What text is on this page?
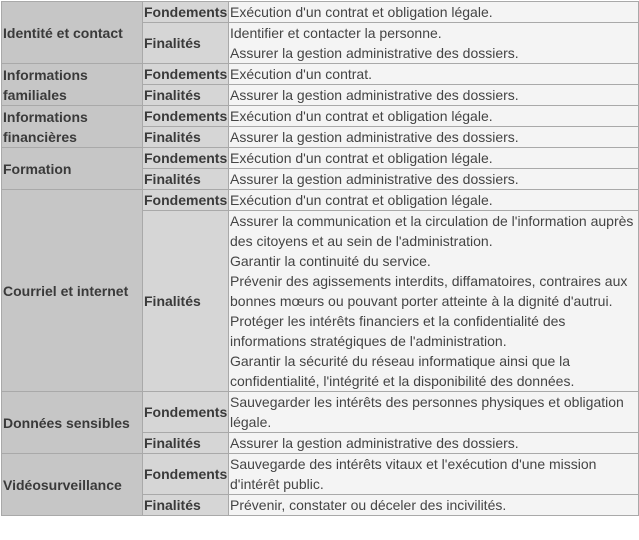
Identité et contact	Fondements	Exécution d'un contrat et obligation légale.

	Finalités	Identifier et contacter la personne.
Assurer la gestion administrative des dossiers.

Informations familiales	Fondements	Exécution d'un contrat.

	Finalités	Assurer la gestion administrative des dossiers.

Informations financières	Fondements	Exécution d'un contrat et obligation légale.

	Finalités	Assurer la gestion administrative des dossiers.

Formation	Fondements	Exécution d'un contrat et obligation légale.

	Finalités	Assurer la gestion administrative des dossiers.

Courriel et internet	Fondements	Exécution d'un contrat et obligation légale.

	Finalités	Assurer la communication et la circulation de l'information auprès des citoyens et au sein de l'administration.
Garantir la continuité du service.
Prévenir des agissements interdits, diffamatoires, contraires aux bonnes mœurs ou pouvant porter atteinte à la dignité d'autrui.
Protéger les intérêts financiers et la confidentialité des informations stratégiques de l'administration.
Garantir la sécurité du réseau informatique ainsi que la confidentialité, l'intégrité et la disponibilité des données.

Données sensibles	Fondements	Sauvegarder les intérêts des personnes physiques et obligation légale.

	Finalités	Assurer la gestion administrative des dossiers.

Vidéosurveillance	Fondements	Sauvegarde des intérêts vitaux et l'exécution d'une mission d'intérêt public.

	Finalités	Prévenir, constater ou déceler des incivilités.
